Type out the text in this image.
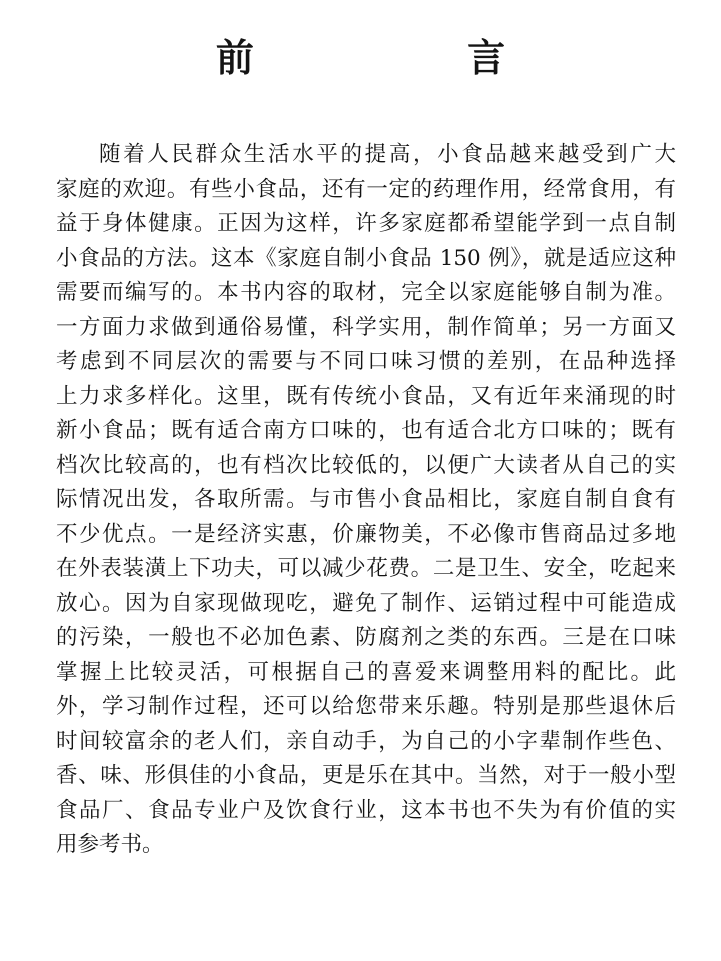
前 言
随着人民群众生活水平的提高，小食品越来越受到广大
家庭的欢迎。有些小食品，还有一定的药理作用，经常食用，有
益于身体健康。正因为这样，许多家庭都希望能学到一点自制
小食品的方法。这本《家庭自制小食品 150 例》，就是适应这种
需要而编写的。本书内容的取材，完全以家庭能够自制为准。
一方面力求做到通俗易懂，科学实用，制作简单；另一方面又
考虑到不同层次的需要与不同口味习惯的差别，在品种选择
上力求多样化。这里，既有传统小食品，又有近年来涌现的时
新小食品；既有适合南方口味的，也有适合北方口味的；既有
档次比较高的，也有档次比较低的，以便广大读者从自己的实
际情况出发，各取所需。与市售小食品相比，家庭自制自食有
不少优点。一是经济实惠，价廉物美，不必像市售商品过多地
在外表装潢上下功夫，可以减少花费。二是卫生、安全，吃起来
放心。因为自家现做现吃，避免了制作、运销过程中可能造成
的污染，一般也不必加色素、防腐剂之类的东西。三是在口味
掌握上比较灵活，可根据自己的喜爱来调整用料的配比。此
外，学习制作过程，还可以给您带来乐趣。特别是那些退休后
时间较富余的老人们，亲自动手，为自己的小字辈制作些色、
香、味、形俱佳的小食品，更是乐在其中。当然，对于一般小型
食品厂、食品专业户及饮食行业，这本书也不失为有价值的实
用参考书。
